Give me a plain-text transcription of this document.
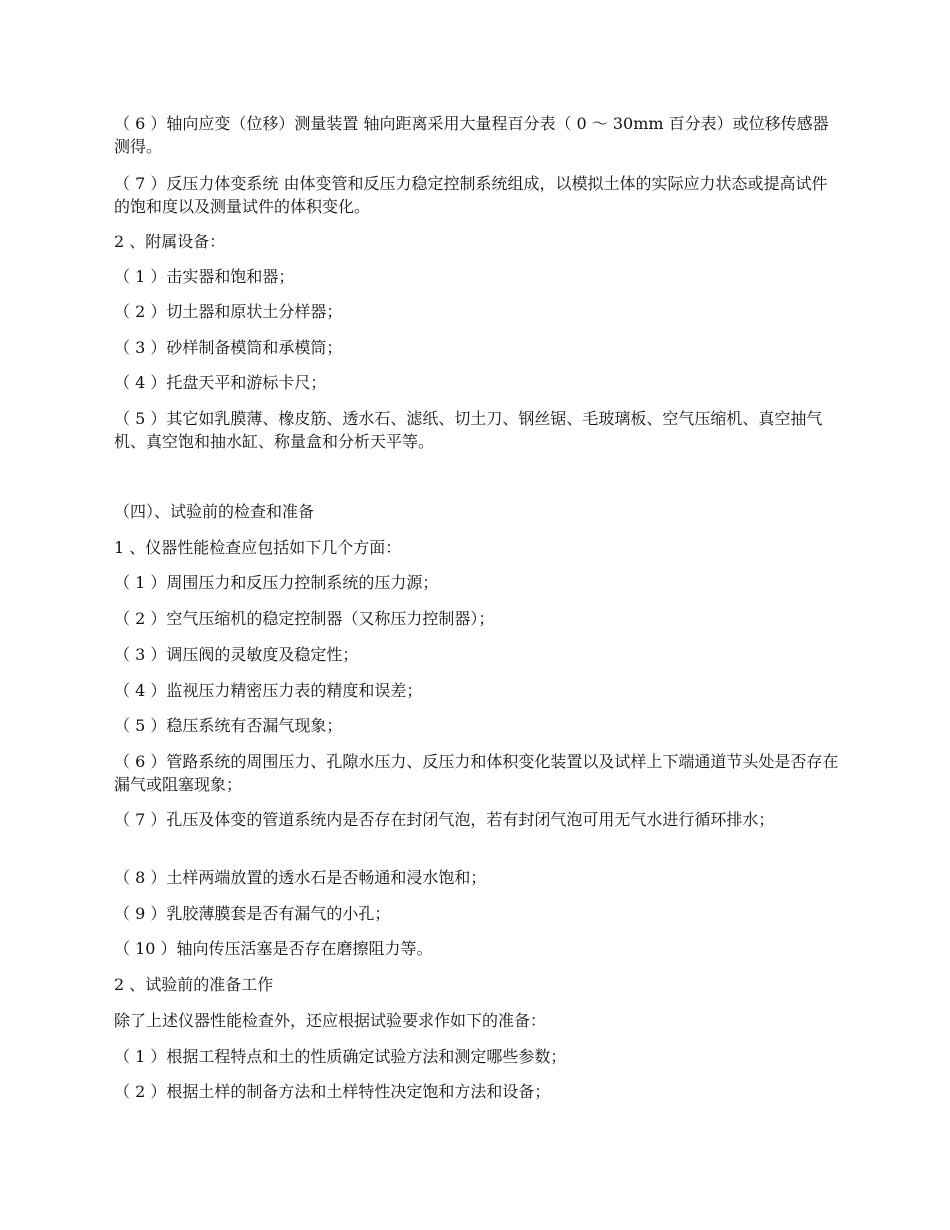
（ 6 ）轴向应变（位移）测量装置 轴向距离采用大量程百分表（ 0 ～ 30mm 百分表）或位移传感器测得。
（ 7 ）反压力体变系统 由体变管和反压力稳定控制系统组成，以模拟土体的实际应力状态或提高试件的饱和度以及测量试件的体积变化。
2 、附属设备：
（ 1 ）击实器和饱和器；
（ 2 ）切土器和原状土分样器；
（ 3 ）砂样制备模筒和承模筒；
（ 4 ）托盘天平和游标卡尺；
（ 5 ）其它如乳膜薄、橡皮筋、透水石、滤纸、切土刀、钢丝锯、毛玻璃板、空气压缩机、真空抽气机、真空饱和抽水缸、称量盒和分析天平等。
（四）、试验前的检查和准备
1 、仪器性能检查应包括如下几个方面：
（ 1 ）周围压力和反压力控制系统的压力源；
（ 2 ）空气压缩机的稳定控制器（又称压力控制器）；
（ 3 ）调压阀的灵敏度及稳定性；
（ 4 ）监视压力精密压力表的精度和误差；
（ 5 ）稳压系统有否漏气现象；
（ 6 ）管路系统的周围压力、孔隙水压力、反压力和体积变化装置以及试样上下端通道节头处是否存在漏气或阻塞现象；
（ 7 ）孔压及体变的管道系统内是否存在封闭气泡，若有封闭气泡可用无气水进行循环排水；
（ 8 ）土样两端放置的透水石是否畅通和浸水饱和；
（ 9 ）乳胶薄膜套是否有漏气的小孔；
（ 10 ）轴向传压活塞是否存在磨擦阻力等。
2 、试验前的准备工作
除了上述仪器性能检查外，还应根据试验要求作如下的准备：
（ 1 ）根据工程特点和土的性质确定试验方法和测定哪些参数；
（ 2 ）根据土样的制备方法和土样特性决定饱和方法和设备；
